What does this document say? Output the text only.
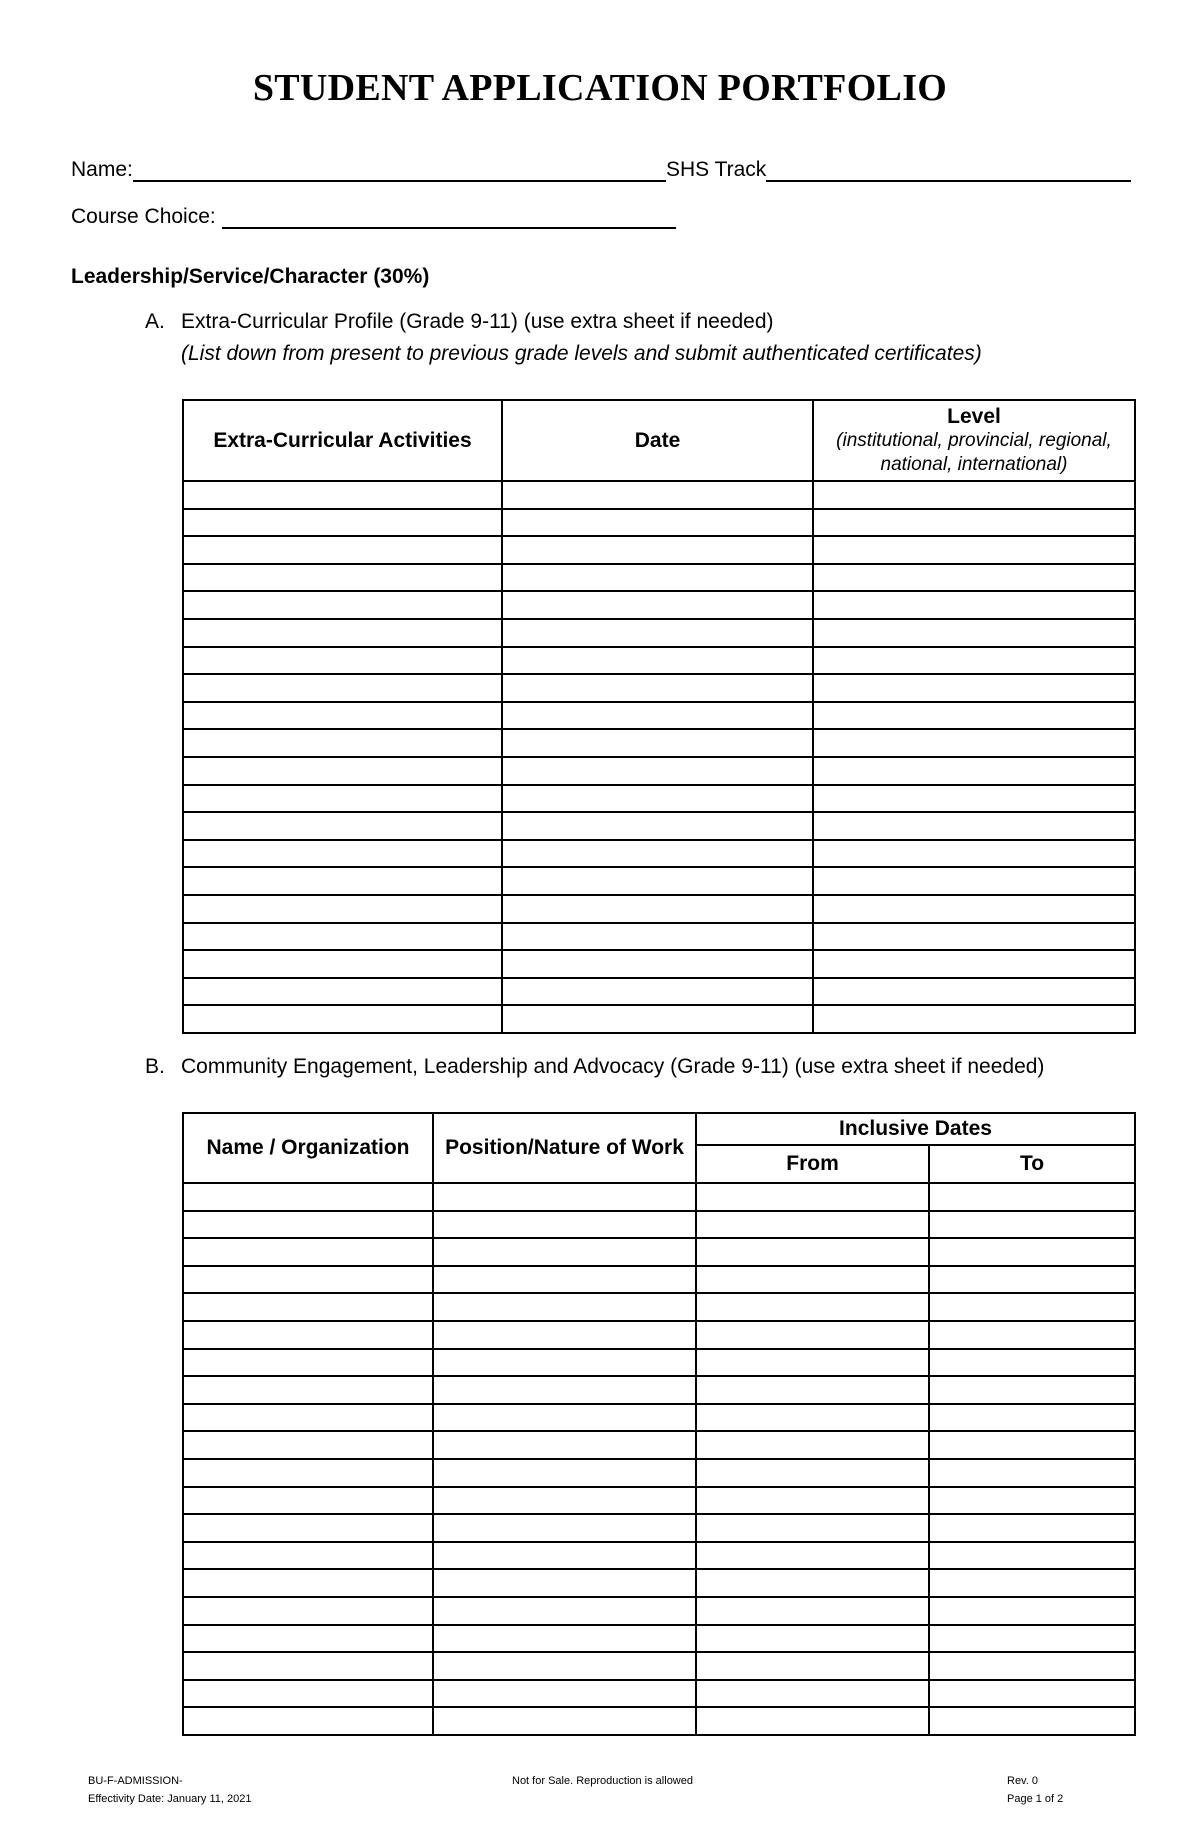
STUDENT APPLICATION PORTFOLIO
Name:	SHS Track
Course Choice:
Leadership/Service/Character (30%)
A. Extra-Curricular Profile (Grade 9-11) (use extra sheet if needed)
(List down from present to previous grade levels and submit authenticated certificates)
Extra-Curricular Activities	Date	Level
(institutional, provincial, regional, national, international)

B. Community Engagement, Leadership and Advocacy (Grade 9-11) (use extra sheet if needed)
Name / Organization	Position/Nature of Work	Inclusive Dates	
		From	To

BU-F-ADMISSION-
Effectivity Date: January 11, 2021
Not for Sale. Reproduction is allowed	Rev. 0
Page 1 of 2
